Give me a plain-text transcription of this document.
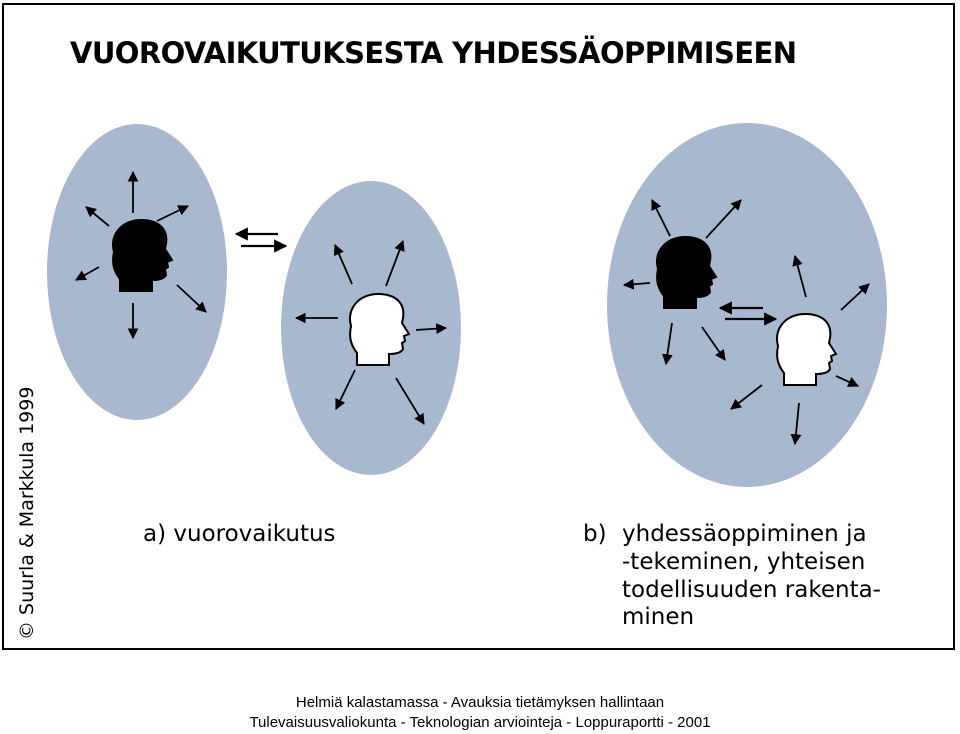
VUOROVAIKUTUKSESTA YHDESSÄOPPIMISEEN
© Suurla & Markkula 1999	a) vuorovaikutus	b) yhdessäoppiminen ja
-tekeminen, yhteisen
todellisuuden rakenta-
minen
Helmiä kalastamassa - Avauksia tietämyksen hallintaan
Tulevaisuusvaliokunta - Teknologian arviointeja - Loppuraportti - 2001
